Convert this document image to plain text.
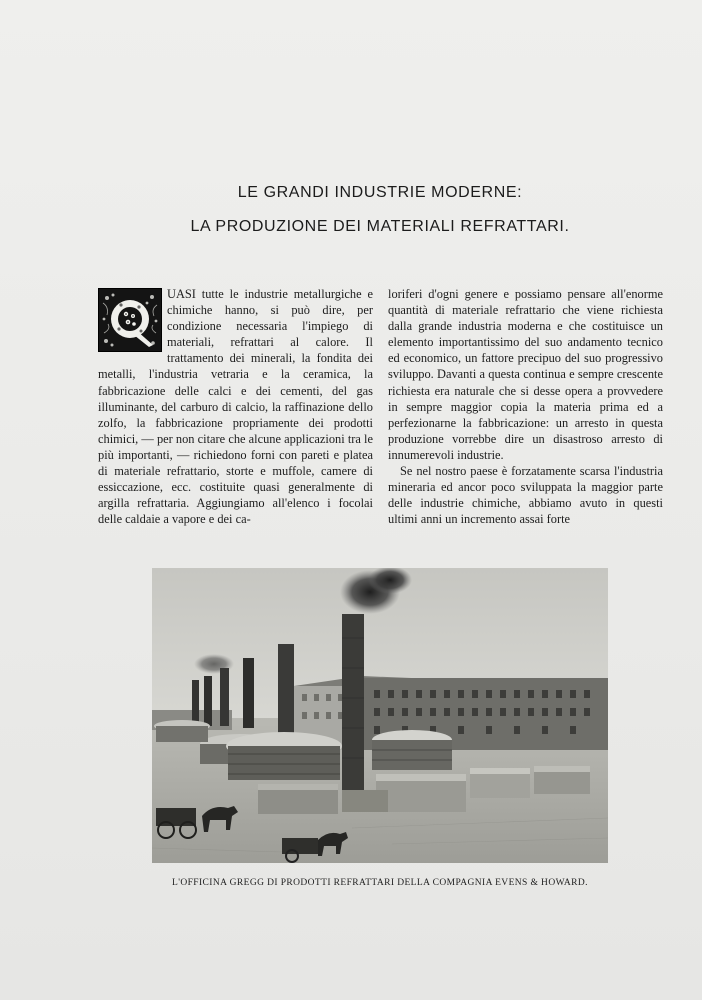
LE GRANDI INDUSTRIE MODERNE:
LA PRODUZIONE DEI MATERIALI REFRATTARI.

UASI tutte le industrie metallurgiche e chimiche hanno, si può dire, per condizione necessaria l'impiego di materiali, refrattari al calore. Il trattamento dei minerali, la fondita dei metalli, l'industria vetraria e la ceramica, la fabbricazione delle calci e dei cementi, del gas illuminante, del carburo di calcio, la raffinazione dello zolfo, la fabbricazione propriamente dei prodotti chimici, — per non citare che alcune applicazioni tra le più importanti, — richiedono forni con pareti e platea di materiale refrattario, storte e muffole, camere di essiccazione, ecc. costituite quasi generalmente di argilla refrattaria. Aggiungiamo all'elenco i focolai delle caldaie a vapore e dei ca-

loriferi d'ogni genere e possiamo pensare all'enorme quantità di materiale refrattario che viene richiesta dalla grande industria moderna e che costituisce un elemento importantissimo del suo andamento tecnico ed economico, un fattore precipuo del suo progressivo sviluppo. Davanti a questa continua e sempre crescente richiesta era naturale che si desse opera a provvedere in sempre maggior copia la materia prima ed a perfezionarne la fabbricazione: un arresto in questa produzione vorrebbe dire un disastroso arresto di innumerevoli industrie.

Se nel nostro paese è forzatamente scarsa l'industria mineraria ed ancor poco sviluppata la maggior parte delle industrie chimiche, abbiamo avuto in questi ultimi anni un incremento assai forte

L'OFFICINA GREGG DI PRODOTTI REFRATTARI DELLA COMPAGNIA EVENS & HOWARD.
